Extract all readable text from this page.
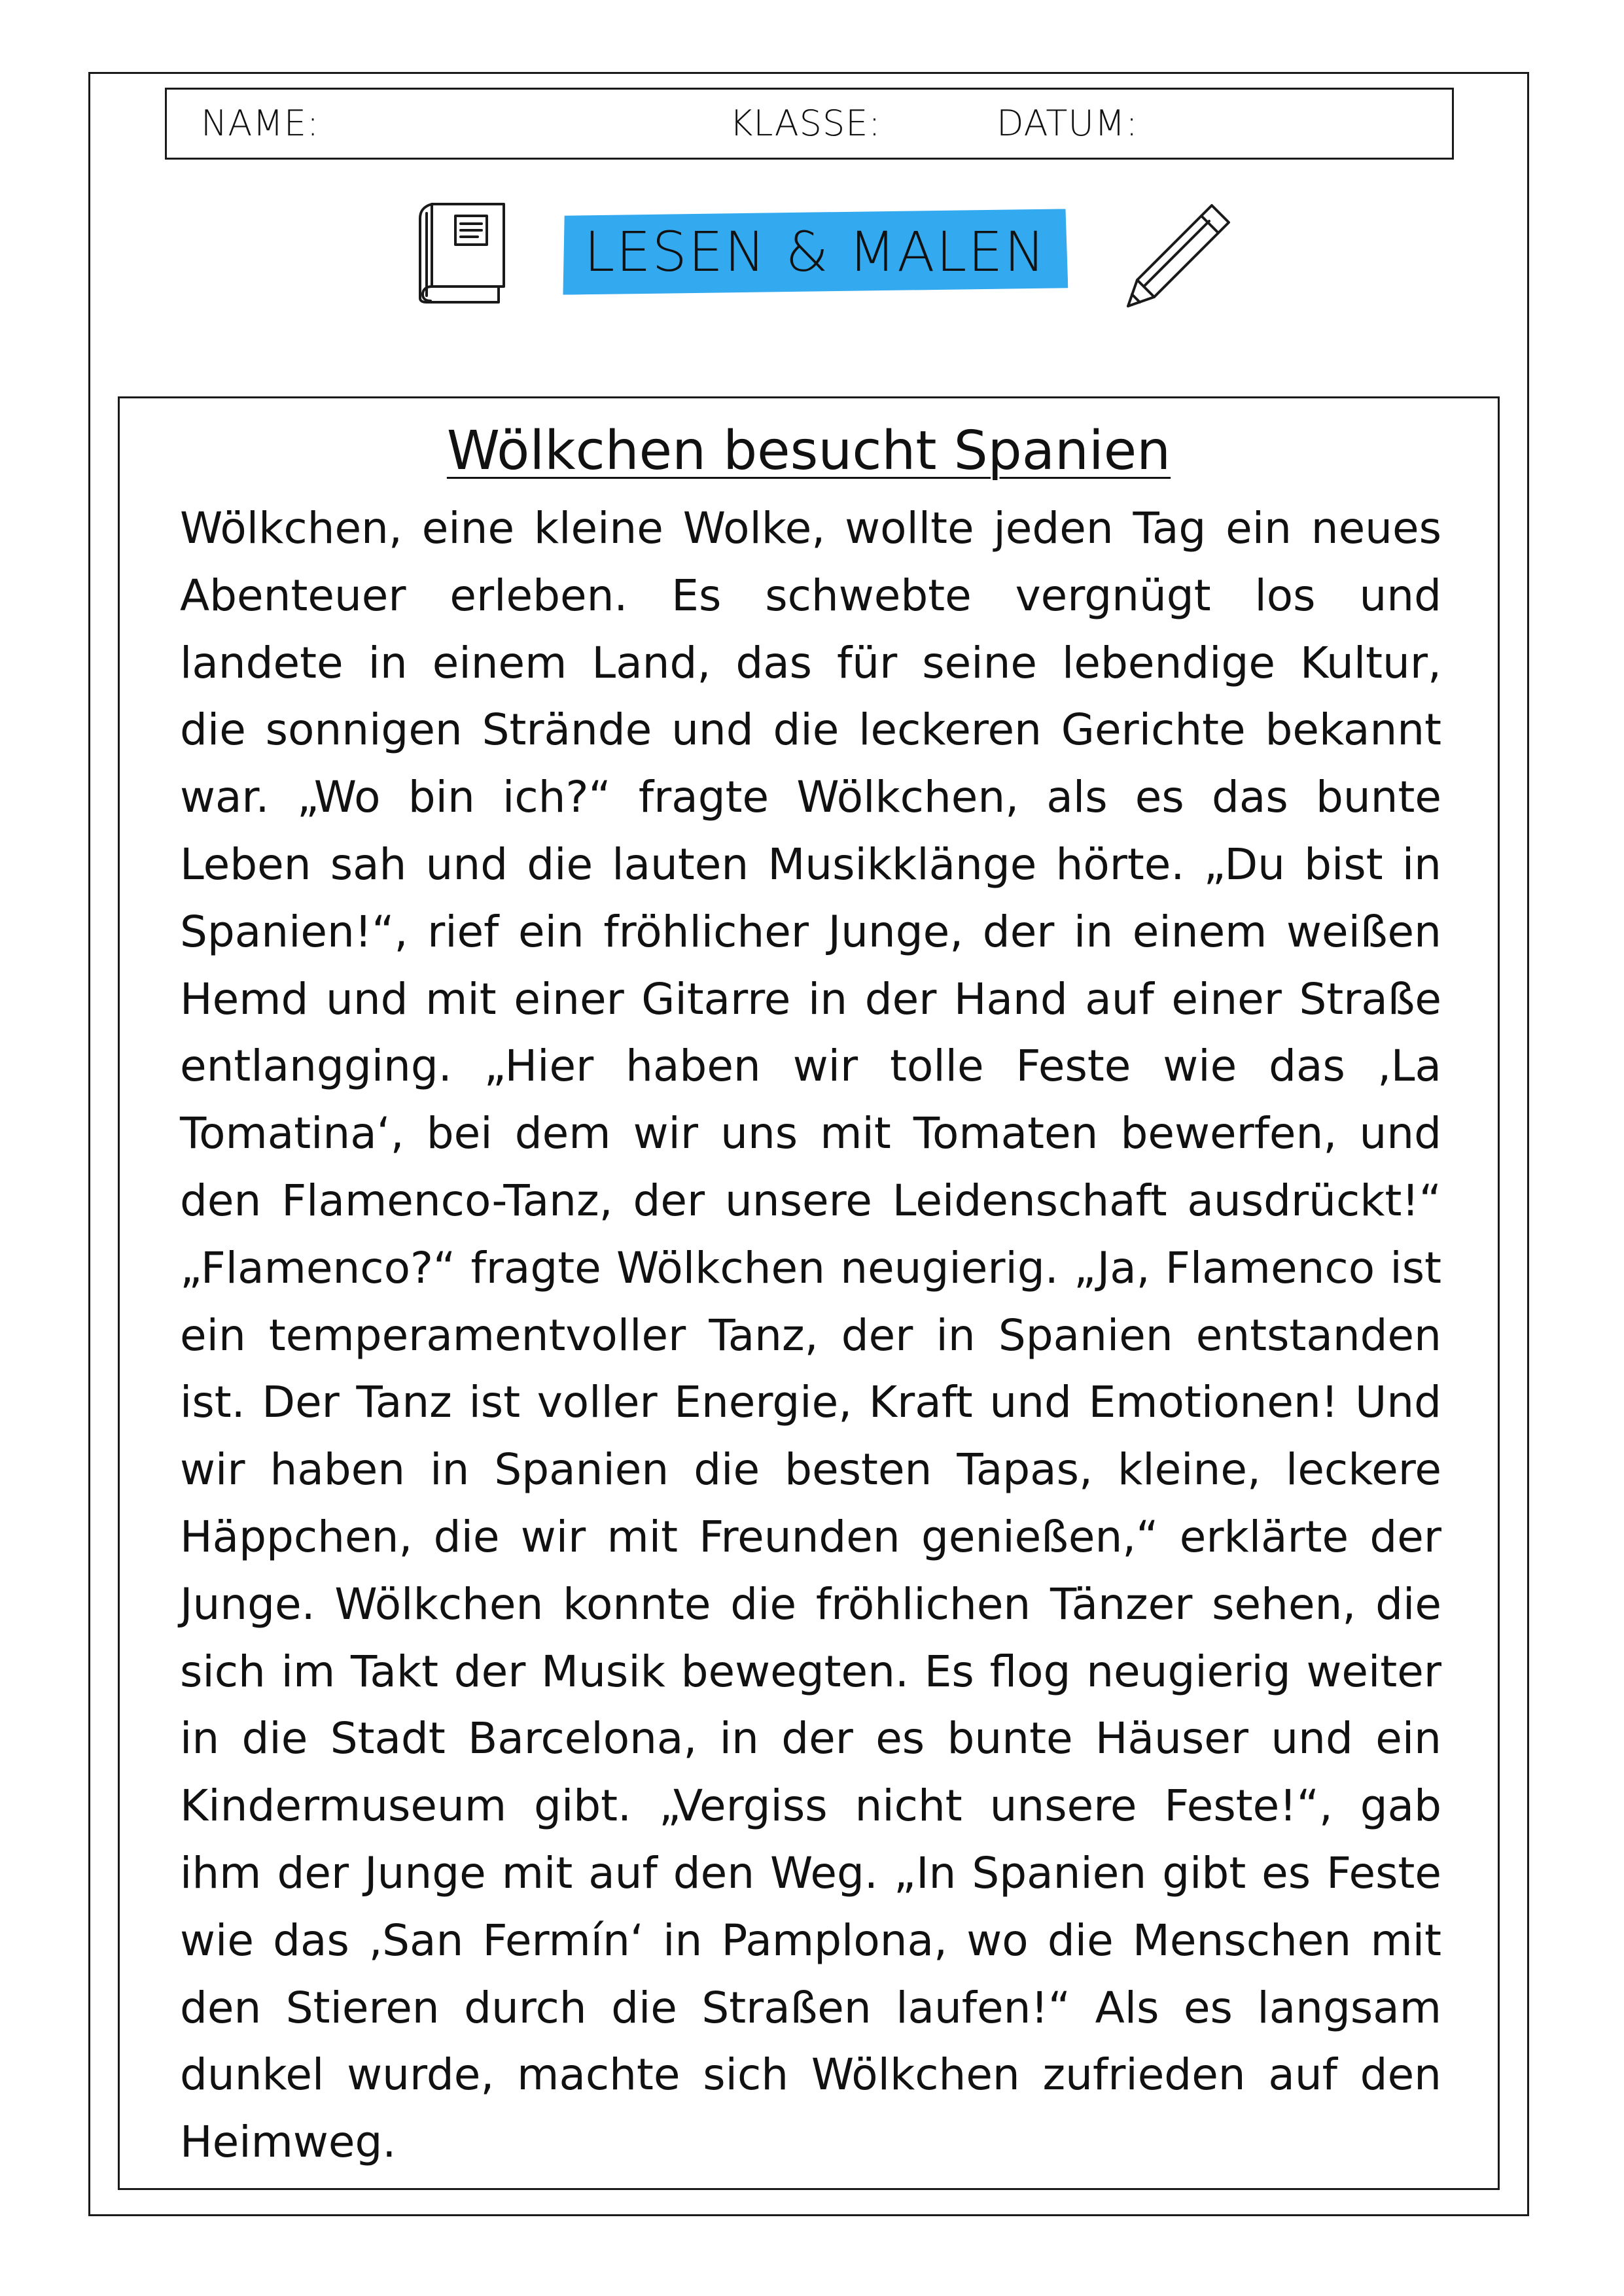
NAME:	KLASSE:	DATUM:
LESEN & MALEN
Wölkchen besucht Spanien

Wölkchen, eine kleine Wolke, wollte jeden Tag ein neues Abenteuer erleben. Es schwebte vergnügt los und landete in einem Land, das für seine lebendige Kultur, die sonnigen Strände und die leckeren Gerichte bekannt war. „Wo bin ich?“ fragte Wölkchen, als es das bunte Leben sah und die lauten Musikklänge hörte. „Du bist in Spanien!“, rief ein fröhlicher Junge, der in einem weißen Hemd und mit einer Gitarre in der Hand auf einer Straße entlangging. „Hier haben wir tolle Feste wie das ‚La Tomatina‘, bei dem wir uns mit Tomaten bewerfen, und den Flamenco-Tanz, der unsere Leidenschaft ausdrückt!“ „Flamenco?“ fragte Wölkchen neugierig. „Ja, Flamenco ist ein temperamentvoller Tanz, der in Spanien entstanden ist. Der Tanz ist voller Energie, Kraft und Emotionen! Und wir haben in Spanien die besten Tapas, kleine, leckere Häppchen, die wir mit Freunden genießen,“ erklärte der Junge. Wölkchen konnte die fröhlichen Tänzer sehen, die sich im Takt der Musik bewegten. Es flog neugierig weiter in die Stadt Barcelona, in der es bunte Häuser und ein Kindermuseum gibt. „Vergiss nicht unsere Feste!“, gab ihm der Junge mit auf den Weg. „In Spanien gibt es Feste wie das ‚San Fermín‘ in Pamplona, wo die Menschen mit den Stieren durch die Straßen laufen!“ Als es langsam dunkel wurde, machte sich Wölkchen zufrieden auf den Heimweg.
